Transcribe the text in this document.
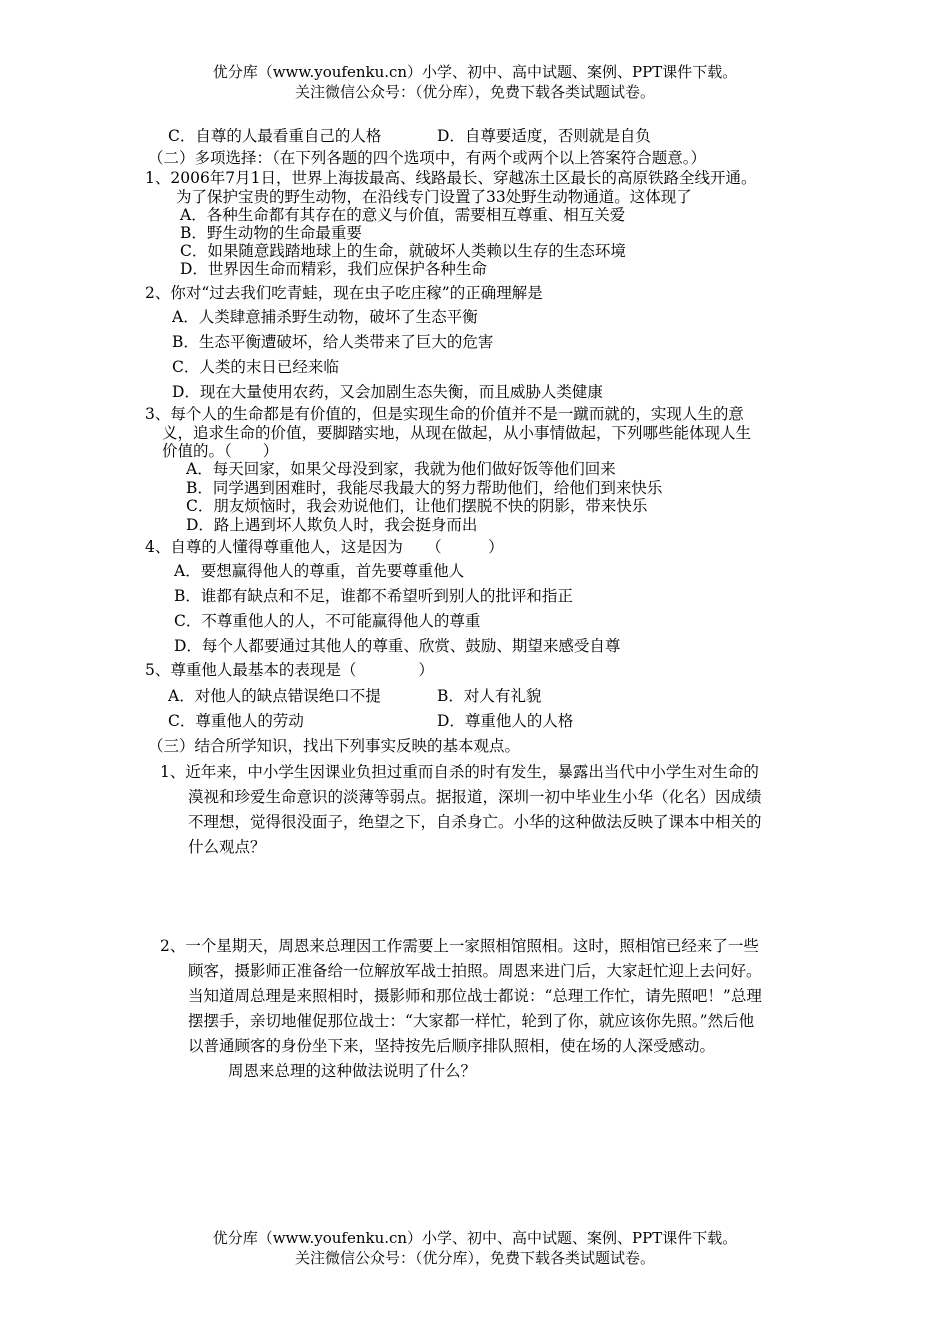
优分库（www.youfenku.cn）小学、初中、高中试题、案例、PPT课件下载。
关注微信公众号：（优分库），免费下载各类试题试卷。
C．自尊的人最看重自己的人格	D．自尊要适度，否则就是自负
（二）多项选择：（在下列各题的四个选项中，有两个或两个以上答案符合题意。）
1、2006年7月1日，世界上海拔最高、线路最长、穿越冻土区最长的高原铁路全线开通。
为了保护宝贵的野生动物，在沿线专门设置了33处野生动物通道。这体现了
A．各种生命都有其存在的意义与价值，需要相互尊重、相互关爱
B．野生动物的生命最重要
C．如果随意践踏地球上的生命，就破坏人类赖以生存的生态环境
D．世界因生命而精彩，我们应保护各种生命
2、你对“过去我们吃青蛙，现在虫子吃庄稼”的正确理解是
A．人类肆意捕杀野生动物，破坏了生态平衡
B．生态平衡遭破坏，给人类带来了巨大的危害
C．人类的末日已经来临
D．现在大量使用农药，又会加剧生态失衡，而且威胁人类健康
3、每个人的生命都是有价值的，但是实现生命的价值并不是一蹴而就的，实现人生的意
义，追求生命的价值，要脚踏实地，从现在做起，从小事情做起，下列哪些能体现人生
价值的。（　　）
A．每天回家，如果父母没到家，我就为他们做好饭等他们回来
B．同学遇到困难时，我能尽我最大的努力帮助他们，给他们到来快乐
C．朋友烦恼时，我会劝说他们，让他们摆脱不快的阴影，带来快乐
D．路上遇到坏人欺负人时，我会挺身而出
4、自尊的人懂得尊重他人，这是因为　　（　　　）
A．要想赢得他人的尊重，首先要尊重他人
B．谁都有缺点和不足，谁都不希望听到别人的批评和指正
C．不尊重他人的人，不可能赢得他人的尊重
D．每个人都要通过其他人的尊重、欣赏、鼓励、期望来感受自尊
5、尊重他人最基本的表现是（　　　　）
A．对他人的缺点错误绝口不提	B．对人有礼貌
C．尊重他人的劳动	D．尊重他人的人格
（三）结合所学知识，找出下列事实反映的基本观点。
1、近年来，中小学生因课业负担过重而自杀的时有发生，暴露出当代中小学生对生命的
漠视和珍爱生命意识的淡薄等弱点。据报道，深圳一初中毕业生小华（化名）因成绩
不理想，觉得很没面子，绝望之下，自杀身亡。小华的这种做法反映了课本中相关的
什么观点？
2、一个星期天，周恩来总理因工作需要上一家照相馆照相。这时，照相馆已经来了一些
顾客，摄影师正准备给一位解放军战士拍照。周恩来进门后，大家赶忙迎上去问好。
当知道周总理是来照相时，摄影师和那位战士都说：“总理工作忙，请先照吧！”总理
摆摆手，亲切地催促那位战士：“大家都一样忙，轮到了你，就应该你先照。”然后他
以普通顾客的身份坐下来，坚持按先后顺序排队照相，使在场的人深受感动。
周恩来总理的这种做法说明了什么？
优分库（www.youfenku.cn）小学、初中、高中试题、案例、PPT课件下载。
关注微信公众号：（优分库），免费下载各类试题试卷。
